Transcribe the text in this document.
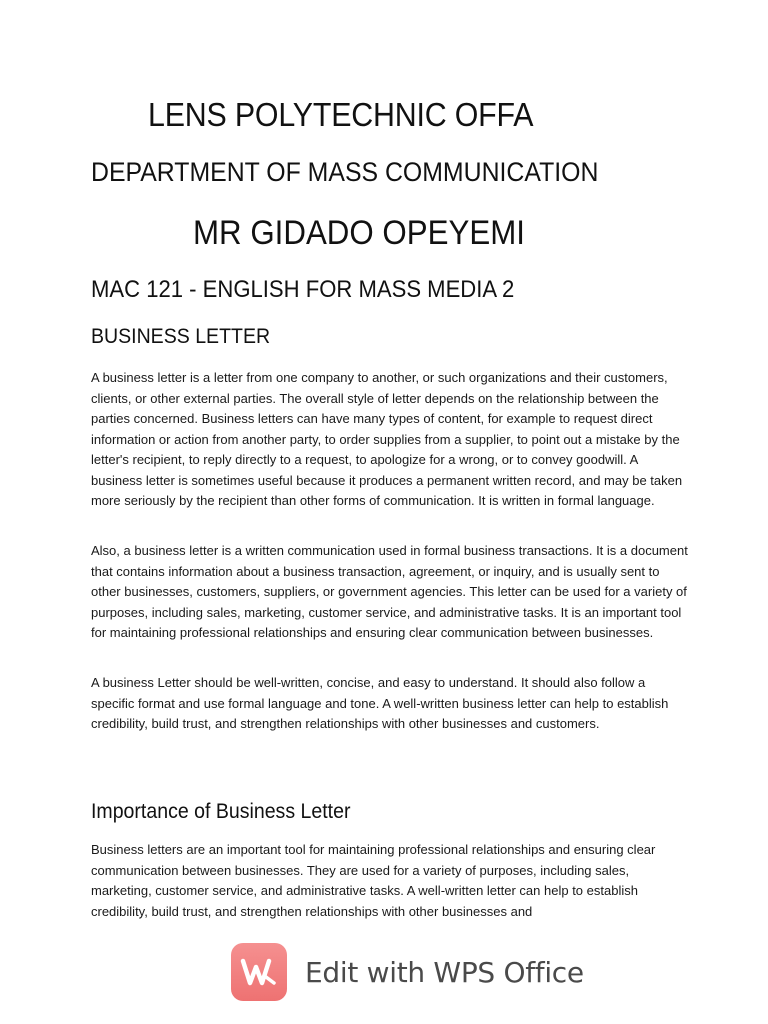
LENS POLYTECHNIC OFFA
DEPARTMENT OF MASS COMMUNICATION
MR GIDADO OPEYEMI
MAC 121 - ENGLISH FOR MASS MEDIA 2
BUSINESS LETTER
A business letter is a letter from one company to another, or such organizations and their customers, clients, or other external parties. The overall style of letter depends on the relationship between the parties concerned. Business letters can have many types of content, for example to request direct information or action from another party, to order supplies from a supplier, to point out a mistake by the letter's recipient, to reply directly to a request, to apologize for a wrong, or to convey goodwill. A business letter is sometimes useful because it produces a permanent written record, and may be taken more seriously by the recipient than other forms of communication. It is written in formal language.
Also, a business letter is a written communication used in formal business transactions. It is a document that contains information about a business transaction, agreement, or inquiry, and is usually sent to other businesses, customers, suppliers, or government agencies. This letter can be used for a variety of purposes, including sales, marketing, customer service, and administrative tasks. It is an important tool for maintaining professional relationships and ensuring clear communication between businesses.
A business Letter should be well-written, concise, and easy to understand. It should also follow a specific format and use formal language and tone. A well-written business letter can help to establish credibility, build trust, and strengthen relationships with other businesses and customers.
Importance of Business Letter
Business letters are an important tool for maintaining professional relationships and ensuring clear communication between businesses. They are used for a variety of purposes, including sales, marketing, customer service, and administrative tasks. A well-written letter can help to establish credibility, build trust, and strengthen relationships with other businesses and
Edit with WPS Office
